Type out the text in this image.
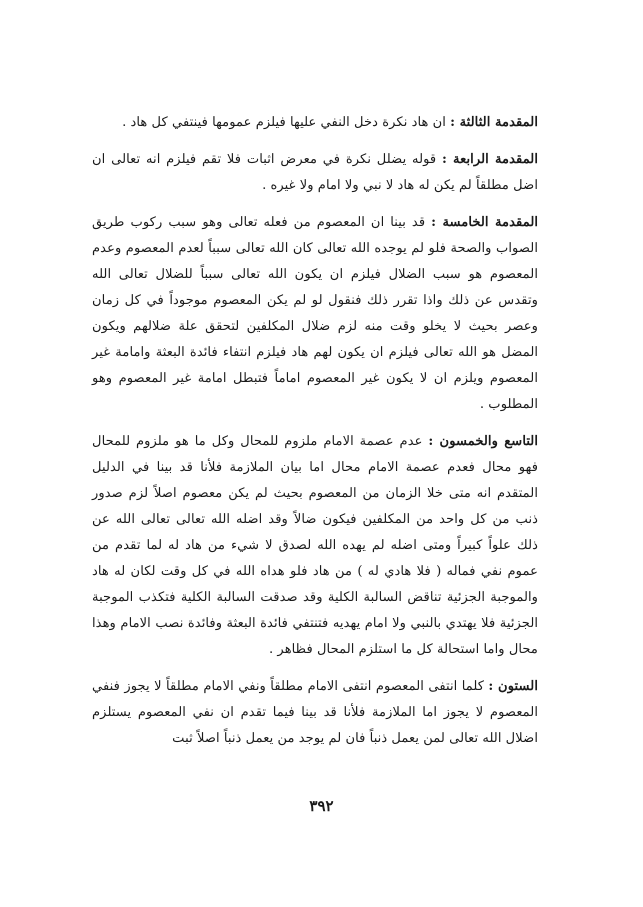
المقدمة الثالثة : ان هاد نكرة دخل النفي عليها فيلزم عمومها فينتفي كل هاد .

المقدمة الرابعة : قوله يضلل نكرة في معرض اثبات فلا تقم فيلزم انه تعالى ان اضل مطلقاً لم يكن له هاد لا نبي ولا امام ولا غيره .

المقدمة الخامسة : قد بينا ان المعصوم من فعله تعالى وهو سبب ركوب طريق الصواب والصحة فلو لم يوجده الله تعالى كان الله تعالى سبباً لعدم المعصوم وعدم المعصوم هو سبب الضلال فيلزم ان يكون الله تعالى سبباً للضلال تعالى الله وتقدس عن ذلك واذا تقرر ذلك فنقول لو لم يكن المعصوم موجوداً في كل زمان وعصر بحيث لا يخلو وقت منه لزم ضلال المكلفين لتحقق علة ضلالهم ويكون المضل هو الله تعالى فيلزم ان يكون لهم هاد فيلزم انتفاء فائدة البعثة وامامة غير المعصوم ويلزم ان لا يكون غير المعصوم اماماً فتبطل امامة غير المعصوم وهو المطلوب .

التاسع والخمسون : عدم عصمة الامام ملزوم للمحال وكل ما هو ملزوم للمحال فهو محال فعدم عصمة الامام محال اما بيان الملازمة فلأنا قد بينا في الدليل المتقدم انه متى خلا الزمان من المعصوم بحيث لم يكن معصوم اصلاً لزم صدور ذنب من كل واحد من المكلفين فيكون ضالاً وقد اضله الله تعالى تعالى الله عن ذلك علواً كبيراً ومتى اضله لم يهده الله لصدق لا شيء من هاد له لما تقدم من عموم نفي فماله ( فلا هادي له ) من هاد فلو هداه الله في كل وقت لكان له هاد والموجبة الجزئية تناقض السالبة الكلية وقد صدقت السالبة الكلية فتكذب الموجبة الجزئية فلا يهتدي بالنبي ولا امام يهديه فتنتفي فائدة البعثة وفائدة نصب الامام وهذا محال واما استحالة كل ما استلزم المحال فظاهر .

الستون : كلما انتفى المعصوم انتفى الامام مطلقاً ونفي الامام مطلقاً لا يجوز فنفي المعصوم لا يجوز اما الملازمة فلأنا قد بينا فيما تقدم ان نفي المعصوم يستلزم اضلال الله تعالى لمن يعمل ذنباً فان لم يوجد من يعمل ذنباً اصلاً ثبت

٣٩٢
